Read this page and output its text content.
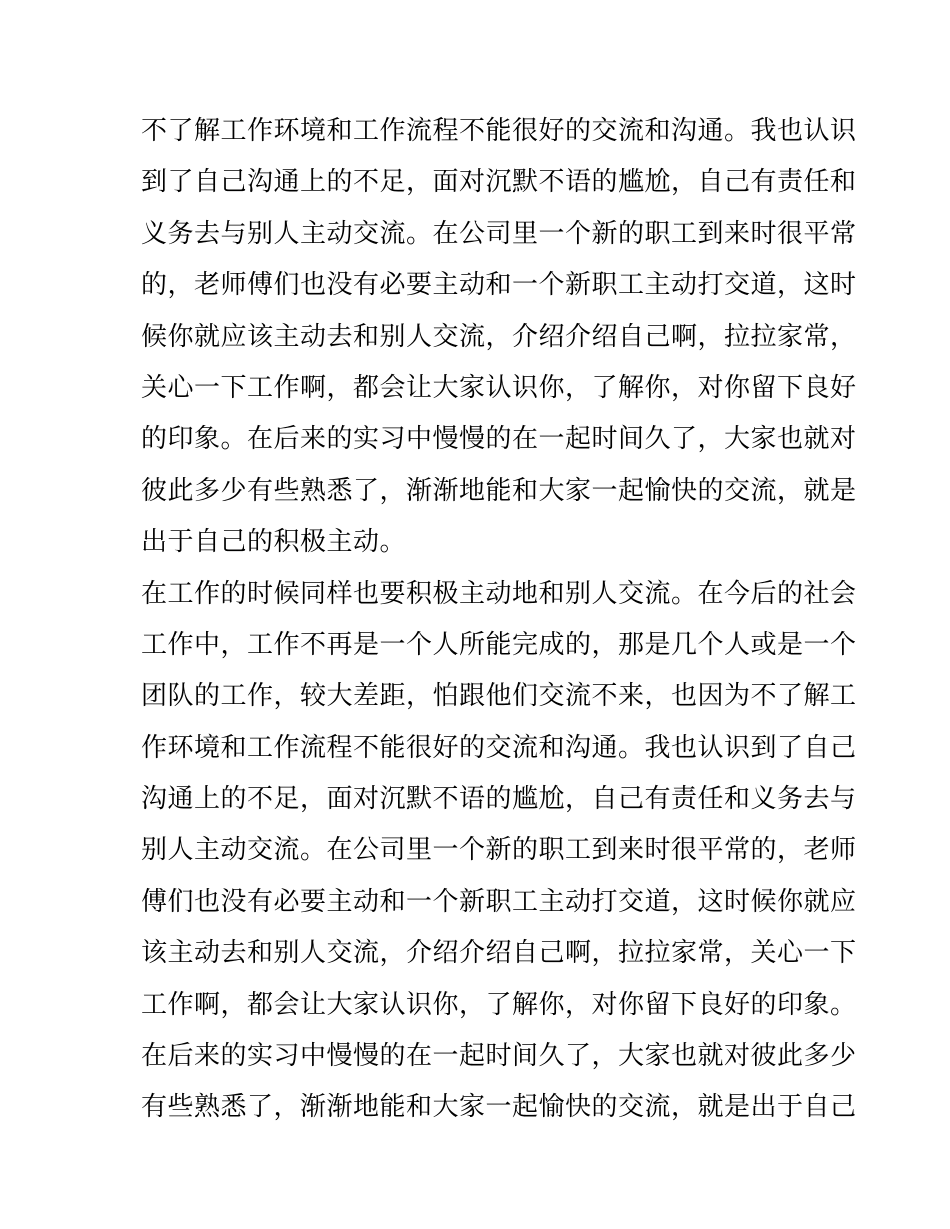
不了解工作环境和工作流程不能很好的交流和沟通。我也认识
到了自己沟通上的不足，面对沉默不语的尴尬，自己有责任和
义务去与别人主动交流。在公司里一个新的职工到来时很平常
的，老师傅们也没有必要主动和一个新职工主动打交道，这时
候你就应该主动去和别人交流，介绍介绍自己啊，拉拉家常，
关心一下工作啊，都会让大家认识你，了解你，对你留下良好
的印象。在后来的实习中慢慢的在一起时间久了，大家也就对
彼此多少有些熟悉了，渐渐地能和大家一起愉快的交流，就是
出于自己的积极主动。
在工作的时候同样也要积极主动地和别人交流。在今后的社会
工作中，工作不再是一个人所能完成的，那是几个人或是一个
团队的工作，较大差距，怕跟他们交流不来，也因为不了解工
作环境和工作流程不能很好的交流和沟通。我也认识到了自己
沟通上的不足，面对沉默不语的尴尬，自己有责任和义务去与
别人主动交流。在公司里一个新的职工到来时很平常的，老师
傅们也没有必要主动和一个新职工主动打交道，这时候你就应
该主动去和别人交流，介绍介绍自己啊，拉拉家常，关心一下
工作啊，都会让大家认识你，了解你，对你留下良好的印象。
在后来的实习中慢慢的在一起时间久了，大家也就对彼此多少
有些熟悉了，渐渐地能和大家一起愉快的交流，就是出于自己
